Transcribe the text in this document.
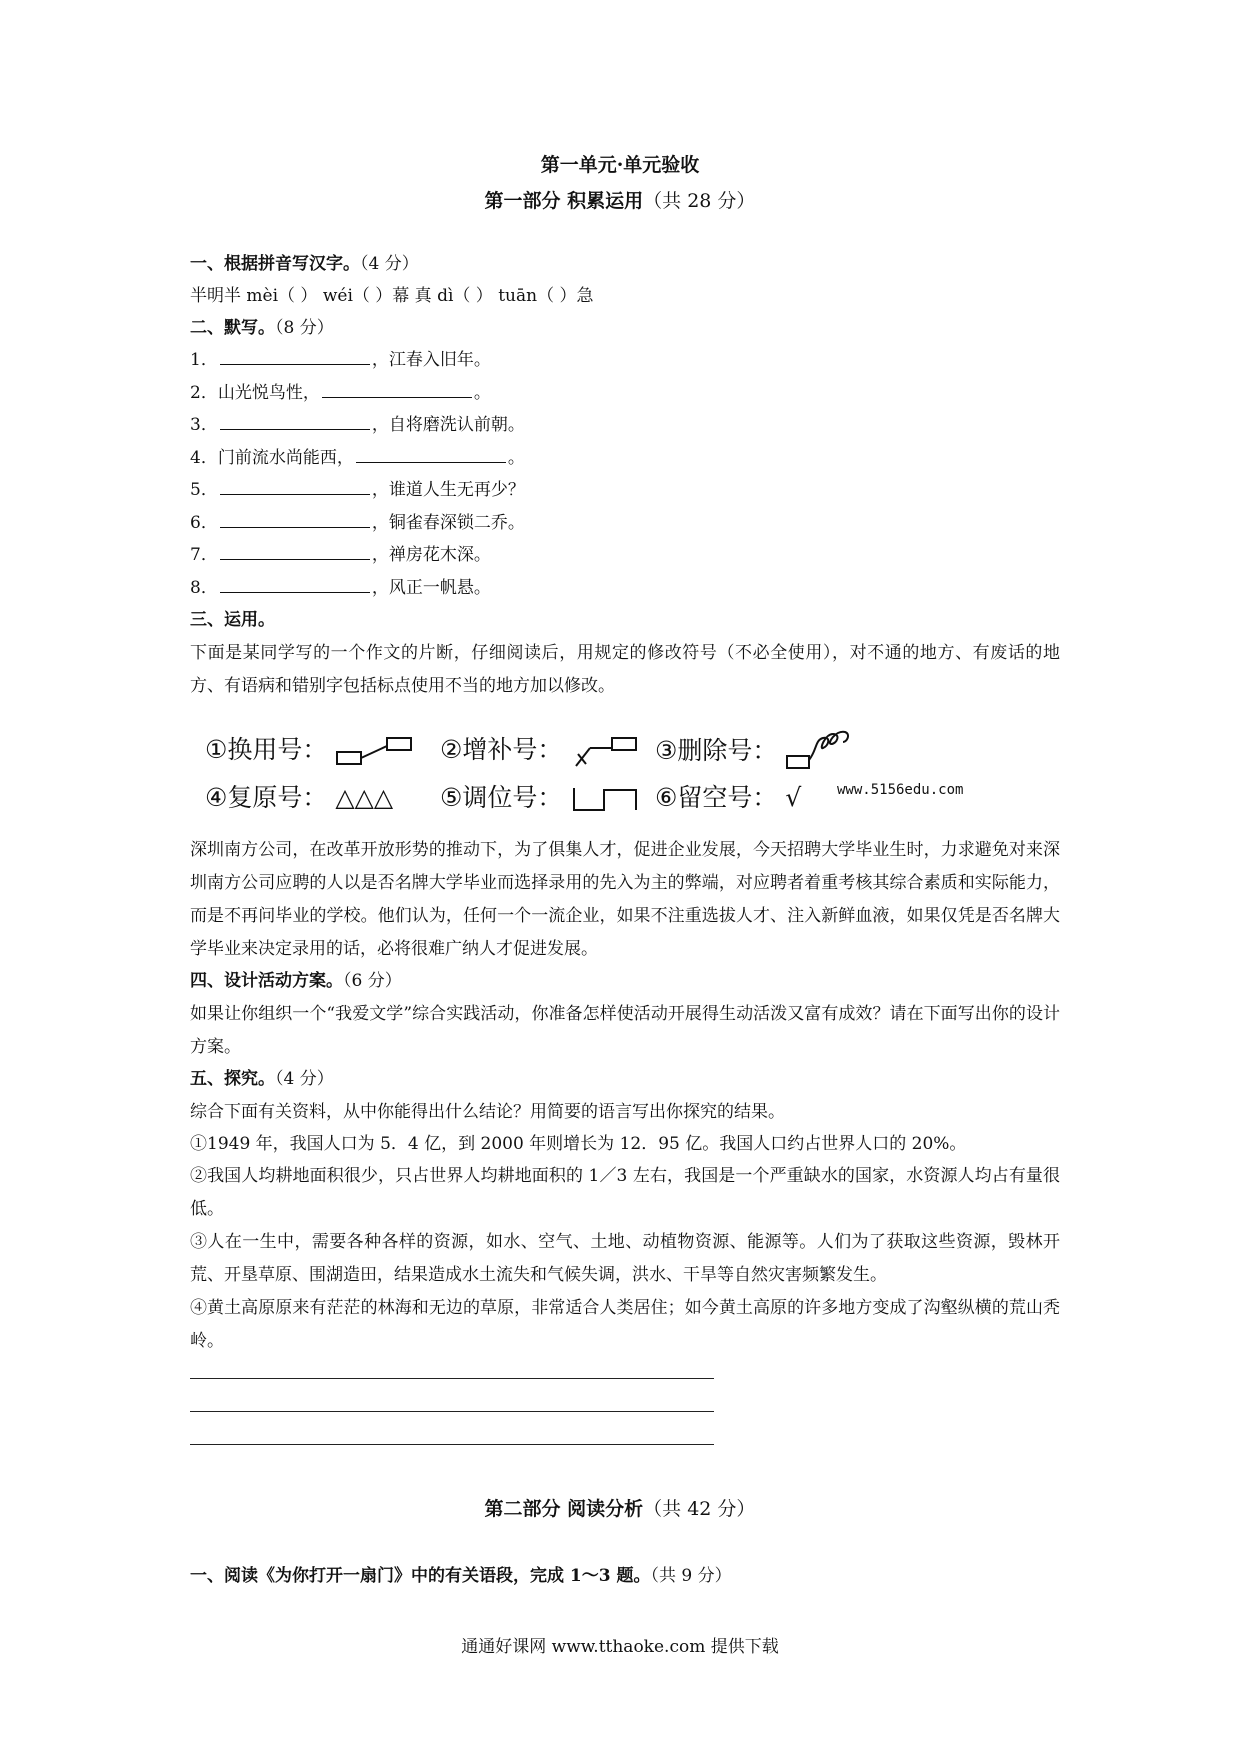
第一单元·单元验收
第一部分 积累运用（共 28 分）
一、根据拼音写汉字。（4 分）
半明半 mèi（ ） wéi（ ）幕 真 dì（ ） tuān（ ）急
二、默写。（8 分）
1．	，江春入旧年。
2．山光悦鸟性，	。
3．	，自将磨洗认前朝。
4．门前流水尚能西，	。
5．	，谁道人生无再少？
6．	，铜雀春深锁二乔。
7．	，禅房花木深。
8．	，风正一帆悬。
三、运用。
下面是某同学写的一个作文的片断，仔细阅读后，用规定的修改符号（不必全使用），对不通的地方、有废话的地方、有语病和错别字包括标点使用不当的地方加以修改。
①换用号：	②增补号：	③删除号：
④复原号： △△△ ⑤调位号：	⑥留空号： √	www.5156edu.com
深圳南方公司，在改革开放形势的推动下，为了俱集人才，促进企业发展，今天招聘大学毕业生时，力求避免对来深圳南方公司应聘的人以是否名牌大学毕业而选择录用的先入为主的弊端，对应聘者着重考核其综合素质和实际能力，而是不再问毕业的学校。他们认为，任何一个一流企业，如果不注重选拔人才、注入新鲜血液，如果仅凭是否名牌大学毕业来决定录用的话，必将很难广纳人才促进发展。
四、设计活动方案。（6 分）
如果让你组织一个“我爱文学”综合实践活动，你准备怎样使活动开展得生动活泼又富有成效？请在下面写出你的设计方案。
五、探究。（4 分）
综合下面有关资料，从中你能得出什么结论？用简要的语言写出你探究的结果。
①1949 年，我国人口为 5．4 亿，到 2000 年则增长为 12．95 亿。我国人口约占世界人口的 20%。
②我国人均耕地面积很少，只占世界人均耕地面积的 1／3 左右，我国是一个严重缺水的国家，水资源人均占有量很低。
③人在一生中，需要各种各样的资源，如水、空气、土地、动植物资源、能源等。人们为了获取这些资源，毁林开荒、开垦草原、围湖造田，结果造成水土流失和气候失调，洪水、干旱等自然灾害频繁发生。
④黄土高原原来有茫茫的林海和无边的草原，非常适合人类居住；如今黄土高原的许多地方变成了沟壑纵横的荒山秃岭。
第二部分 阅读分析（共 42 分）
一、阅读《为你打开一扇门》中的有关语段，完成 1～3 题。（共 9 分）
通通好课网 www.tthaoke.com 提供下载
